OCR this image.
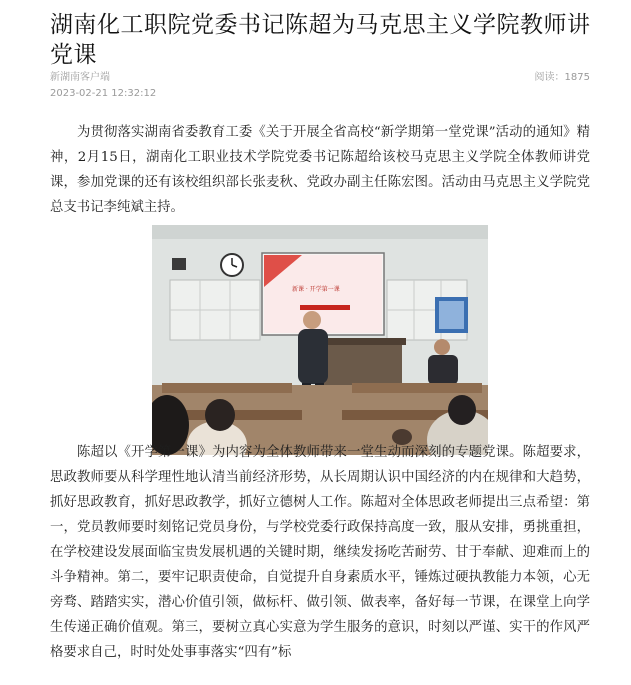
湖南化工职院党委书记陈超为马克思主义学院教师讲党课
新湖南客户端	阅读：1875
2023-02-21 12:32:12

为贯彻落实湖南省委教育工委《关于开展全省高校“新学期第一堂党课”活动的通知》精神，2月15日，湖南化工职业技术学院党委书记陈超给该校马克思主义学院全体教师讲党课，参加党课的还有该校组织部长张麦秋、党政办副主任陈宏图。活动由马克思主义学院党总支书记李纯斌主持。

新课 · 开学第一课

陈超以《开学第一课》为内容为全体教师带来一堂生动而深刻的专题党课。陈超要求，思政教师要从科学理性地认清当前经济形势，从长周期认识中国经济的内在规律和大趋势，抓好思政教育，抓好思政教学，抓好立德树人工作。陈超对全体思政老师提出三点希望：第一，党员教师要时刻铭记党员身份，与学校党委行政保持高度一致，服从安排，勇挑重担，在学校建设发展面临宝贵发展机遇的关键时期，继续发扬吃苦耐劳、甘于奉献、迎难而上的斗争精神。第二，要牢记职责使命，自觉提升自身素质水平，锤炼过硬执教能力本领，心无旁骛、踏踏实实，潜心价值引领，做标杆、做引领、做表率，备好每一节课，在课堂上向学生传递正确价值观。第三，要树立真心实意为学生服务的意识，时刻以严谨、实干的作风严格要求自己，时时处处事事落实“四有”标
